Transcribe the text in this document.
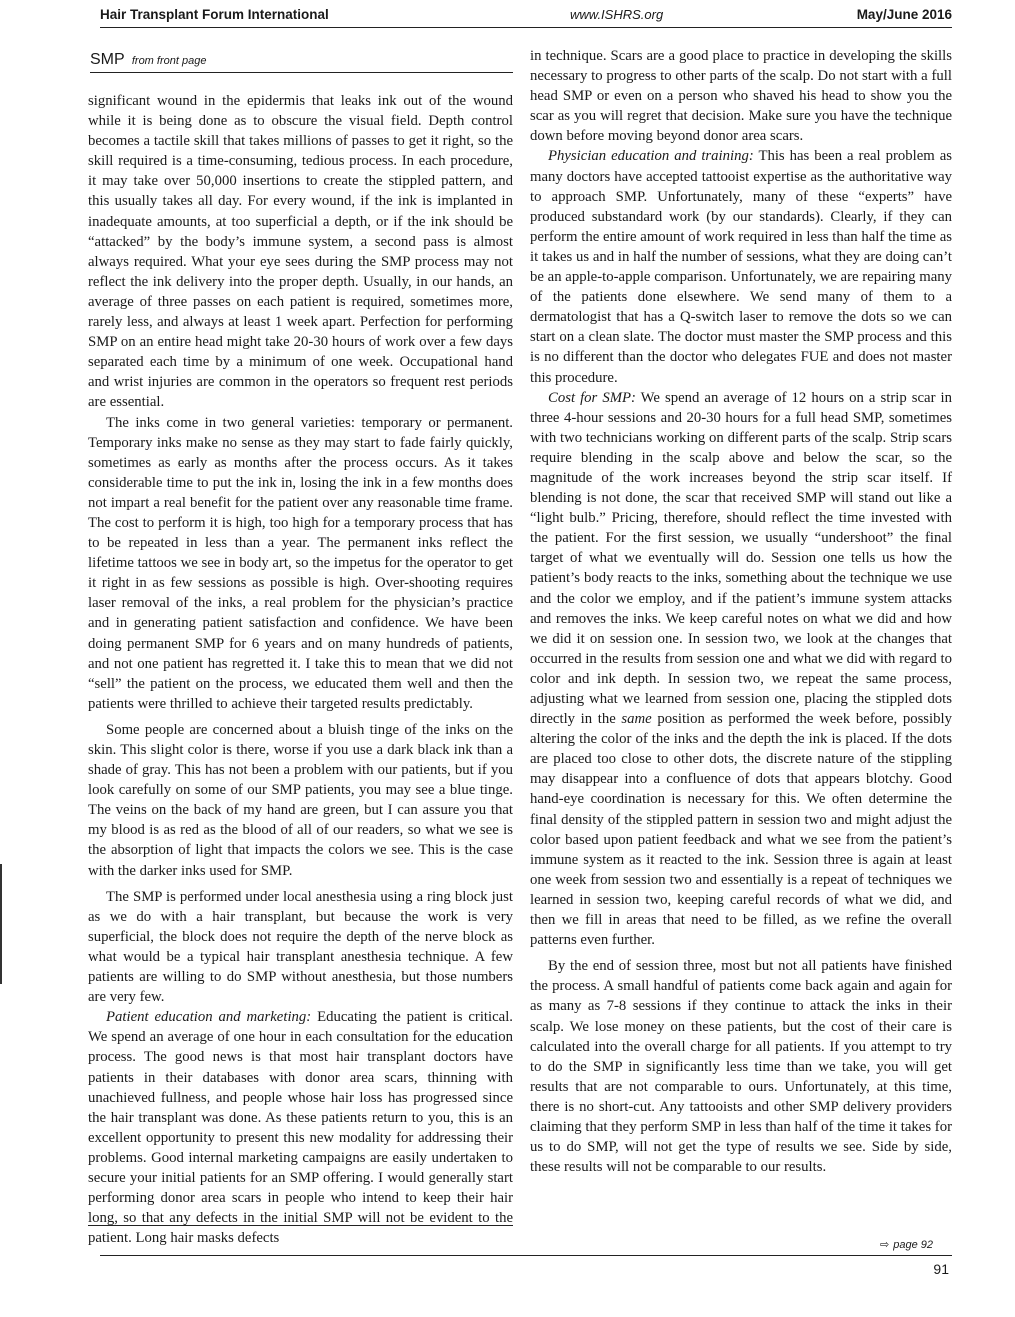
Hair Transplant Forum International	www.ISHRS.org	May/June 2016
SMP from front page

significant wound in the epidermis that leaks ink out of the wound while it is being done as to obscure the visual field. Depth control becomes a tactile skill that takes millions of passes to get it right, so the skill required is a time-consuming, tedious process. In each procedure, it may take over 50,000 insertions to create the stippled pattern, and this usually takes all day. For every wound, if the ink is implanted in inadequate amounts, at too superficial a depth, or if the ink should be “attacked” by the body’s immune system, a second pass is almost always required. What your eye sees during the SMP process may not reflect the ink delivery into the proper depth. Usually, in our hands, an average of three passes on each patient is required, sometimes more, rarely less, and always at least 1 week apart. Perfection for performing SMP on an entire head might take 20-30 hours of work over a few days separated each time by a minimum of one week. Occupational hand and wrist injuries are common in the operators so frequent rest periods are essential.

The inks come in two general varieties: temporary or permanent. Temporary inks make no sense as they may start to fade fairly quickly, sometimes as early as months after the process occurs. As it takes considerable time to put the ink in, losing the ink in a few months does not impart a real benefit for the patient over any reasonable time frame. The cost to perform it is high, too high for a temporary process that has to be repeated in less than a year. The permanent inks reflect the lifetime tattoos we see in body art, so the impetus for the operator to get it right in as few sessions as possible is high. Over-shooting requires laser removal of the inks, a real problem for the physician’s practice and in generating patient satisfaction and confidence. We have been doing permanent SMP for 6 years and on many hundreds of patients, and not one patient has regretted it. I take this to mean that we did not “sell” the patient on the process, we educated them well and then the patients were thrilled to achieve their targeted results predictably.

Some people are concerned about a bluish tinge of the inks on the skin. This slight color is there, worse if you use a dark black ink than a shade of gray. This has not been a problem with our patients, but if you look carefully on some of our SMP patients, you may see a blue tinge. The veins on the back of my hand are green, but I can assure you that my blood is as red as the blood of all of our readers, so what we see is the absorption of light that impacts the colors we see. This is the case with the darker inks used for SMP.

The SMP is performed under local anesthesia using a ring block just as we do with a hair transplant, but because the work is very superficial, the block does not require the depth of the nerve block as what would be a typical hair transplant anesthesia technique. A few patients are willing to do SMP without anesthesia, but those numbers are very few.

Patient education and marketing: Educating the patient is critical. We spend an average of one hour in each consultation for the education process. The good news is that most hair transplant doctors have patients in their databases with donor area scars, thinning with unachieved fullness, and people whose hair loss has progressed since the hair transplant was done. As these patients return to you, this is an excellent opportunity to present this new modality for addressing their problems. Good internal marketing campaigns are easily undertaken to secure your initial patients for an SMP offering. I would generally start performing donor area scars in people who intend to keep their hair long, so that any defects in the initial SMP will not be evident to the patient. Long hair masks defects

in technique. Scars are a good place to practice in developing the skills necessary to progress to other parts of the scalp. Do not start with a full head SMP or even on a person who shaved his head to show you the scar as you will regret that decision. Make sure you have the technique down before moving beyond donor area scars.

Physician education and training: This has been a real problem as many doctors have accepted tattooist expertise as the authoritative way to approach SMP. Unfortunately, many of these “experts” have produced substandard work (by our standards). Clearly, if they can perform the entire amount of work required in less than half the time as it takes us and in half the number of sessions, what they are doing can’t be an apple-to-apple comparison. Unfortunately, we are repairing many of the patients done elsewhere. We send many of them to a dermatologist that has a Q-switch laser to remove the dots so we can start on a clean slate. The doctor must master the SMP process and this is no different than the doctor who delegates FUE and does not master this procedure.

Cost for SMP: We spend an average of 12 hours on a strip scar in three 4-hour sessions and 20-30 hours for a full head SMP, sometimes with two technicians working on different parts of the scalp. Strip scars require blending in the scalp above and below the scar, so the magnitude of the work increases beyond the strip scar itself. If blending is not done, the scar that received SMP will stand out like a “light bulb.” Pricing, therefore, should reflect the time invested with the patient. For the first session, we usually “undershoot” the final target of what we eventually will do. Session one tells us how the patient’s body reacts to the inks, something about the technique we use and the color we employ, and if the patient’s immune system attacks and removes the inks. We keep careful notes on what we did and how we did it on session one. In session two, we look at the changes that occurred in the results from session one and what we did with regard to color and ink depth. In session two, we repeat the same process, adjusting what we learned from session one, placing the stippled dots directly in the same position as performed the week before, possibly altering the color of the inks and the depth the ink is placed. If the dots are placed too close to other dots, the discrete nature of the stippling may disappear into a confluence of dots that appears blotchy. Good hand-eye coordination is necessary for this. We often determine the final density of the stippled pattern in session two and might adjust the color based upon patient feedback and what we see from the patient’s immune system as it reacted to the ink. Session three is again at least one week from session two and essentially is a repeat of techniques we learned in session two, keeping careful records of what we did, and then we fill in areas that need to be filled, as we refine the overall patterns even further.

By the end of session three, most but not all patients have finished the process. A small handful of patients come back again and again for as many as 7-8 sessions if they continue to attack the inks in their scalp. We lose money on these patients, but the cost of their care is calculated into the overall charge for all patients. If you attempt to try to do the SMP in significantly less time than we take, you will get results that are not comparable to ours. Unfortunately, at this time, there is no short-cut. Any tattooists and other SMP delivery providers claiming that they perform SMP in less than half of the time it takes for us to do SMP, will not get the type of results we see. Side by side, these results will not be comparable to our results.

⇨ page 92
91
